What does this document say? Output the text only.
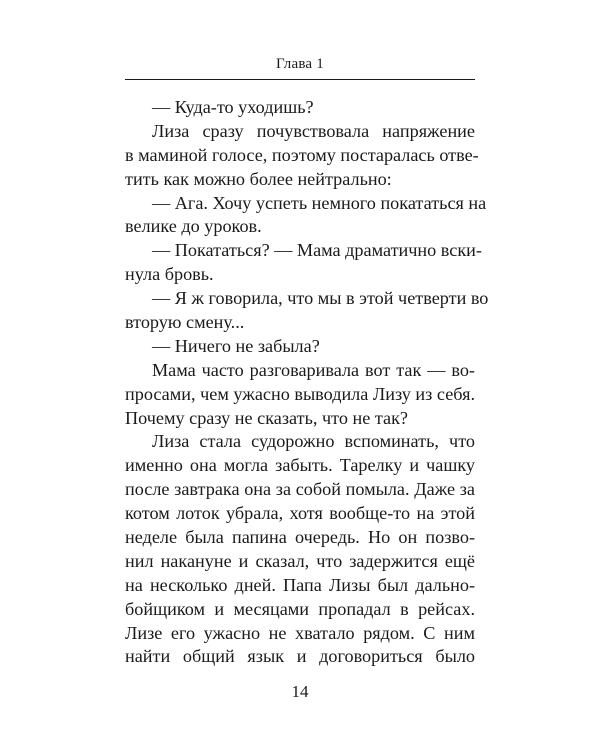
Глава 1
— Куда-то уходишь?
Лиза сразу почувствовала напряжение
в маминой голосе, поэтому постаралась отве-
тить как можно более нейтрально:
— Ага. Хочу успеть немного покататься на
велике до уроков.
— Покататься? — Мама драматично вски-
нула бровь.
— Я ж говорила, что мы в этой четверти во
вторую смену...
— Ничего не забыла?
Мама часто разговаривала вот так — во-
просами, чем ужасно выводила Лизу из себя.
Почему сразу не сказать, что не так?
Лиза стала судорожно вспоминать, что
именно она могла забыть. Тарелку и чашку
после завтрака она за собой помыла. Даже за
котом лоток убрала, хотя вообще-то на этой
неделе была папина очередь. Но он позво-
нил накануне и сказал, что задержится ещё
на несколько дней. Папа Лизы был дально-
бойщиком и месяцами пропадал в рейсах.
Лизе его ужасно не хватало рядом. С ним
найти общий язык и договориться было
14
